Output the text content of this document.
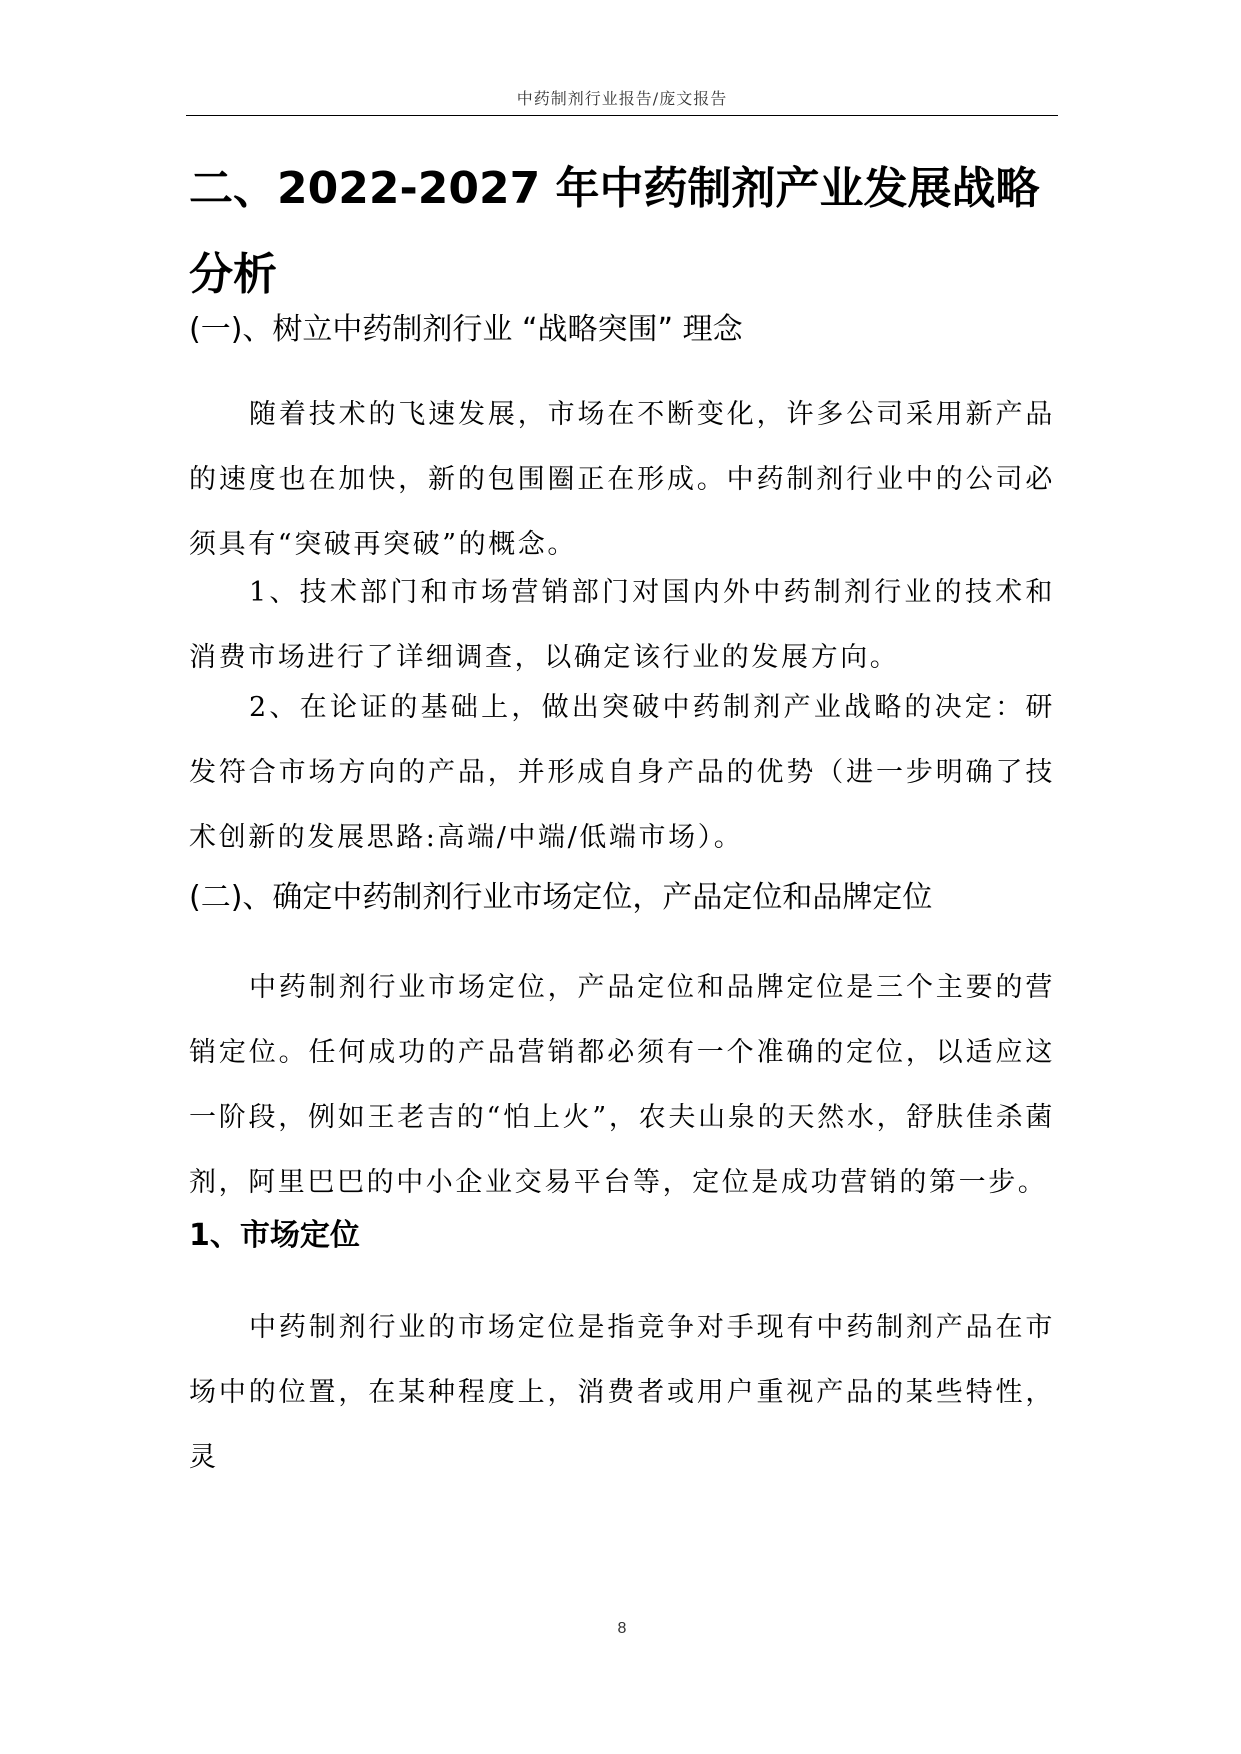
中药制剂行业报告/庞文报告
二、2022-2027 年中药制剂产业发展战略分析
(一)、树立中药制剂行业 “战略突围” 理念

随着技术的飞速发展，市场在不断变化，许多公司采用新产品的速度也在加快，新的包围圈正在形成。中药制剂行业中的公司必须具有“突破再突破”的概念。

1、技术部门和市场营销部门对国内外中药制剂行业的技术和消费市场进行了详细调查，以确定该行业的发展方向。

2、在论证的基础上，做出突破中药制剂产业战略的决定：研发符合市场方向的产品，并形成自身产品的优势（进一步明确了技术创新的发展思路:高端/中端/低端市场）。

(二)、确定中药制剂行业市场定位，产品定位和品牌定位

中药制剂行业市场定位，产品定位和品牌定位是三个主要的营销定位。任何成功的产品营销都必须有一个准确的定位，以适应这一阶段，例如王老吉的“怕上火”，农夫山泉的天然水，舒肤佳杀菌剂，阿里巴巴的中小企业交易平台等，定位是成功营销的第一步。

1、市场定位

中药制剂行业的市场定位是指竞争对手现有中药制剂产品在市场中的位置，在某种程度上，消费者或用户重视产品的某些特性，灵

8
